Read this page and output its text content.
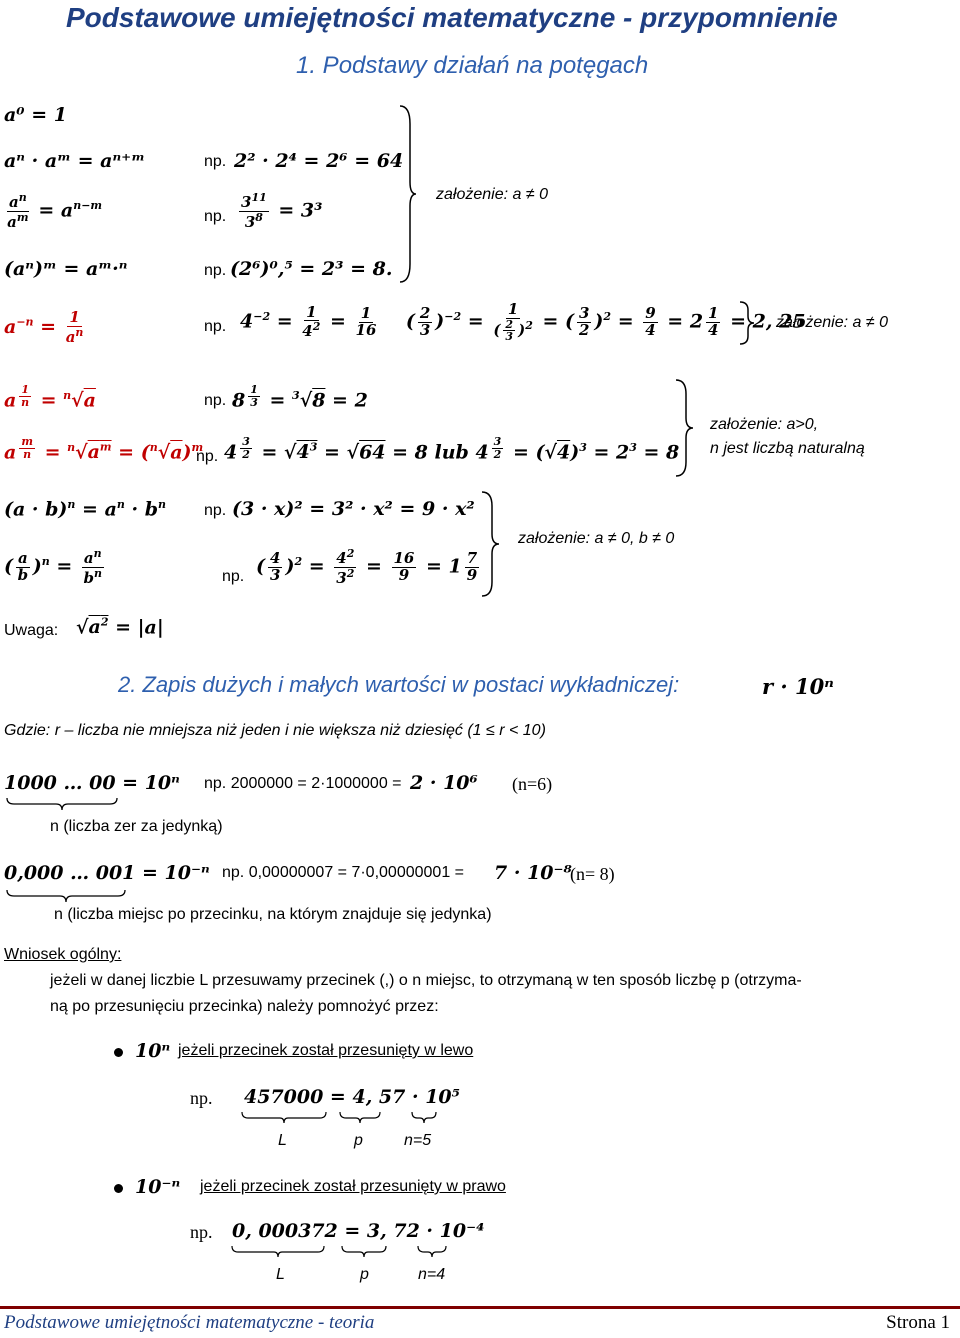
Podstawowe umiejętności matematyczne - przypomnienie
1. Podstawy działań na potęgach
a⁰ = 1
aⁿ · aᵐ = aⁿ⁺ᵐ	np. 2² · 2⁴ = 2⁶ = 64
$\frac{a^n}{a^m} = a^{n-m}$
np. $\frac{3^{11}}{3^8} = 3^3$
(aⁿ)ᵐ = aᵐ·ⁿ	np. (2⁶)⁰,⁵ = 2³ = 8.
założenie: a ≠ 0
$a^{-n} = \frac{1}{a^n}$	np. $4^{-2} = \frac{1}{4^2} = \frac{1}{16}$ ( $\frac{2}{3} )^{-2} = \frac{1}{( \frac{2}{3} )^2}$ = ( $\frac{3}{2} )^2 = \frac{9}{4} = 2 \frac{1}{4} = 2$, 25
założenie: a ≠ 0
a $^{\frac{1}{n}}$ = $^n$√a	np. 8 $^{\frac{1}{3}}$ = $^3$√8 = 2
a $^{\frac{m}{n}} = ^n√a^m = (^n√a)^m$
np. 4 $^{\frac{3}{2}} = √4^3 = √64 = 8$ lub 4 $^{\frac{3}{2}} = (√4)^3 = 2^3 = 8$
założenie: a>0,
n jest liczbą naturalną
$(a \cdot b)^n = a^n \cdot b^n$ np. (3 · x)² = 3² · x² = 9 · x²
( $\frac{a}{b} )^n = \frac{a^n}{b^n}$	np. ( $\frac{4}{3} )^2 = \frac{4^2}{3^2} = \frac{16}{9} = 1 \frac{7}{9}$
założenie: a ≠ 0, b ≠ 0
Uwaga: $√a^2 = |a|$
2. Zapis dużych i małych wartości w postaci wykładniczej:	r · 10ⁿ
Gdzie: r – liczba nie mniejsza niż jeden i nie większa niż dziesięć (1 ≤ r < 10)
1000 … 00 = 10ⁿ np. 2000000 = 2·1000000 = 2 · 10⁶ (n=6)
n (liczba zer za jedynką)
0,000 … 001 = 10⁻ⁿ np. 0,00000007 = 7·0,00000001 = 7 · 10⁻⁸
(n= 8)
n (liczba miejsc po przecinku, na którym znajduje się jedynka)
Wniosek ogólny:
jeżeli w danej liczbie L przesuwamy przecinek (,) o n miejsc, to otrzymaną w ten sposób liczbę p (otrzyma-
ną po przesunięciu przecinka) należy pomnożyć przez:
10ⁿ jeżeli przecinek został przesunięty w lewo
np. 457000 = 4, 57 · 10⁵
L	p	n=5
10⁻ⁿ jeżeli przecinek został przesunięty w prawo
np. 0, 000372 = 3, 72 · 10⁻⁴
L	p	n=4
Podstawowe umiejętności matematyczne - teoria	Strona 1
